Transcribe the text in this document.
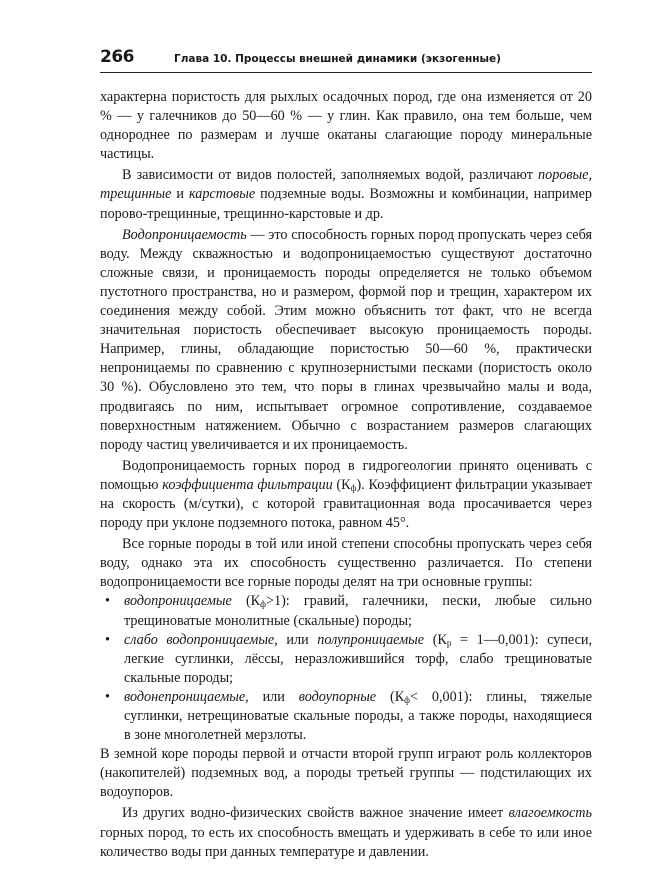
266	Глава 10. Процессы внешней динамики (экзогенные)

характерна пористость для рыхлых осадочных пород, где она изменяется от 20 % — у галечников до 50—60 % — у глин. Как правило, она тем больше, чем однороднее по размерам и лучше окатаны слагающие породу минеральные частицы.

В зависимости от видов полостей, заполняемых водой, различают поровые, трещинные и карстовые подземные воды. Возможны и комбинации, например порово-трещинные, трещинно-карстовые и др.

Водопроницаемость — это способность горных пород пропускать через себя воду. Между скважностью и водопроницаемостью существуют достаточно сложные связи, и проницаемость породы определяется не только объемом пустотного пространства, но и размером, формой пор и трещин, характером их соединения между собой. Этим можно объяснить тот факт, что не всегда значительная пористость обеспечивает высокую проницаемость породы. Например, глины, обладающие пористостью 50—60 %, практически непроницаемы по сравнению с крупнозернистыми песками (пористость около 30 %). Обусловлено это тем, что поры в глинах чрезвычайно малы и вода, продвигаясь по ним, испытывает огромное сопротивление, создаваемое поверхностным натяжением. Обычно с возрастанием размеров слагающих породу частиц увеличивается и их проницаемость.

Водопроницаемость горных пород в гидрогеологии принято оценивать с помощью коэффициента фильтрации $(К_ф)$. Коэффициент фильтрации указывает на скорость (м/сутки), с которой гравитационная вода просачивается через породу при уклоне подземного потока, равном 45°.

Все горные породы в той или иной степени способны пропускать через себя воду, однако эта их способность существенно различается. По степени водопроницаемости все горные породы делят на три основные группы:

• водопроницаемые $(К_ф>1)$: гравий, галечники, пески, любые сильно трещиноватые монолитные (скальные) породы;
• слабо водопроницаемые, или полупроницаемые ($К_р$ = 1—0,001): супеси, легкие суглинки, лёссы, неразложившийся торф, слабо трещиноватые скальные породы;
• водонепроницаемые, или водоупорные $(К_ф< 0,001)$: глины, тяжелые суглинки, нетрещиноватые скальные породы, а также породы, находящиеся в зоне многолетней мерзлоты.

В земной коре породы первой и отчасти второй групп играют роль коллекторов (накопителей) подземных вод, а породы третьей группы — подстилающих их водоупоров.

Из других водно-физических свойств важное значение имеет влагоемкость горных пород, то есть их способность вмещать и удерживать в себе то или иное количество воды при данных температуре и давлении.
